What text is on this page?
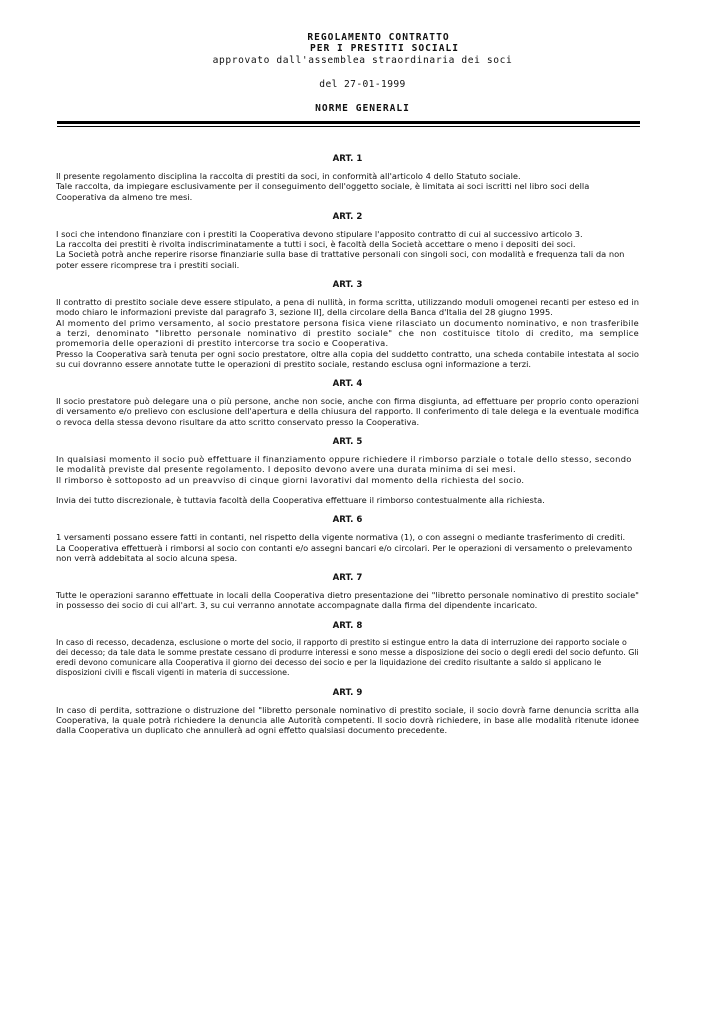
REGOLAMENTO CONTRATTO
PER I PRESTITI SOCIALI
approvato dall'assemblea straordinaria dei soci
del 27-01-1999
NORME GENERALI
ART. 1
Il presente regolamento disciplina la raccolta di prestiti da soci, in conformità all'articolo 4 dello Statuto sociale.
Tale raccolta, da impiegare esclusivamente per il conseguimento dell'oggetto sociale, è limitata ai soci iscritti nel libro soci della Cooperativa da almeno tre mesi.
ART. 2
I soci che intendono finanziare con i prestiti la Cooperativa devono stipulare l'apposito contratto di cui al successivo articolo 3.
La raccolta dei prestiti è rivolta indiscriminatamente a tutti i soci, è facoltà della Società accettare o meno i depositi dei soci.
La Società potrà anche reperire risorse finanziarie sulla base di trattative personali con singoli soci, con modalità e frequenza tali da non poter essere ricomprese tra i prestiti sociali.
ART. 3
Il contratto di prestito sociale deve essere stipulato, a pena di nullità, in forma scritta, utilizzando moduli omogenei recanti per esteso ed in modo chiaro le informazioni previste dal paragrafo 3, sezione II], della circolare della Banca d'Italia del 28 giugno 1995.
Al momento del primo versamento, al socio prestatore persona fisica viene rilasciato un documento nominativo, e non trasferibile a terzi, denominato "libretto personale nominativo di prestito sociale" che non costituisce titolo di credito, ma semplice promemoria delle operazioni di prestito intercorse tra socio e Cooperativa.
Presso la Cooperativa sarà tenuta per ogni socio prestatore, oltre alla copia del suddetto contratto, una scheda contabile intestata al socio su cui dovranno essere annotate tutte le operazioni di prestito sociale, restando esclusa ogni informazione a terzi.
ART. 4
Il socio prestatore può delegare una o più persone, anche non socie, anche con firma disgiunta, ad effettuare per proprio conto operazioni di versamento e/o prelievo con esclusione dell'apertura e della chiusura del rapporto. Il conferimento di tale delega e la eventuale modifica o revoca della stessa devono risultare da atto scritto conservato presso la Cooperativa.
ART. 5
In qualsiasi momento il socio può effettuare il finanziamento oppure richiedere il rimborso parziale o totale dello stesso, secondo le modalità previste dal presente regolamento. I deposito devono avere una durata minima di sei mesi.
Il rimborso è sottoposto ad un preavviso di cinque giorni lavorativi dal momento della richiesta del socio.
Invia dei tutto discrezionale, è tuttavia facoltà della Cooperativa effettuare il rimborso contestualmente alla richiesta.
ART. 6
1 versamenti possano essere fatti in contanti, nel rispetto della vigente normativa (1), o con assegni o mediante trasferimento di crediti.
La Cooperativa effettuerà i rimborsi al socio con contanti e/o assegni bancari e/o circolari. Per le operazioni di versamento o prelevamento non verrà addebitata al socio alcuna spesa.
ART. 7
Tutte le operazioni saranno effettuate in locali della Cooperativa dietro presentazione dei "libretto personale nominativo di prestito sociale" in possesso dei socio di cui all'art. 3, su cui verranno annotate accompagnate dalla firma del dipendente incaricato.
ART. 8
In caso di recesso, decadenza, esclusione o morte del socio, il rapporto di prestito si estingue entro la data di interruzione dei rapporto sociale o dei decesso; da tale data le somme prestate cessano di produrre interessi e sono messe a disposizione dei socio o degli eredi del socio defunto. Gli eredi devono comunicare alla Cooperativa il giorno dei decesso dei socio e per la liquidazione dei credito risultante a saldo si applicano le disposizioni civili e fiscali vigenti in materia di successione.
ART. 9
In caso di perdita, sottrazione o distruzione del "libretto personale nominativo di prestito sociale, il socio dovrà farne denuncia scritta alla Cooperativa, la quale potrà richiedere la denuncia alle Autorità competenti. Il socio dovrà richiedere, in base alle modalità ritenute idonee dalla Cooperativa un duplicato che annullerà ad ogni effetto qualsiasi documento precedente.
